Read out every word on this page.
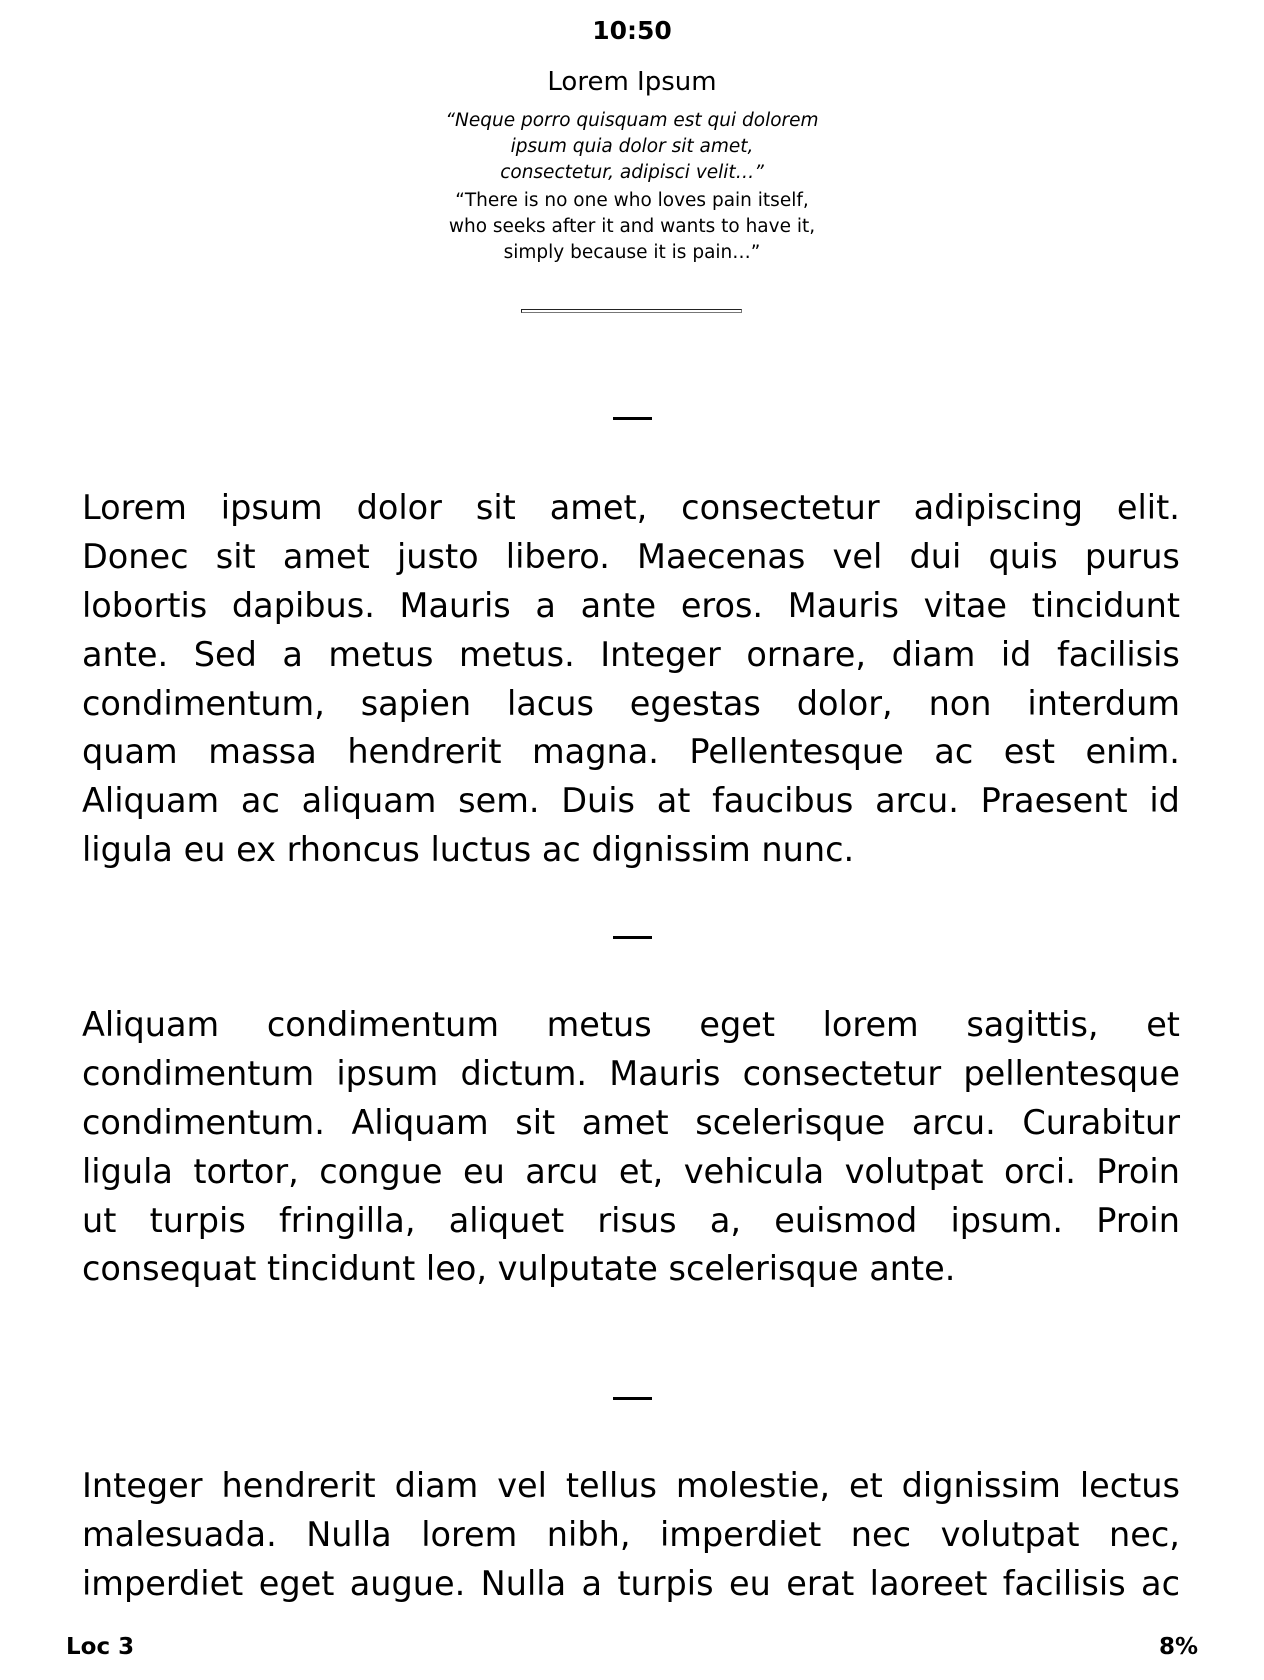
10:50
Lorem Ipsum
“Neque porro quisquam est qui dolorem
ipsum quia dolor sit amet,
consectetur, adipisci velit…”
“There is no one who loves pain itself,
who seeks after it and wants to have it,
simply because it is pain…”
Lorem ipsum dolor sit amet, consectetur adipiscing elit.
Donec sit amet justo libero. Maecenas vel dui quis purus
lobortis dapibus. Mauris a ante eros. Mauris vitae tincidunt
ante. Sed a metus metus. Integer ornare, diam id facilisis
condimentum, sapien lacus egestas dolor, non interdum
quam massa hendrerit magna. Pellentesque ac est enim.
Aliquam ac aliquam sem. Duis at faucibus arcu. Praesent id
ligula eu ex rhoncus luctus ac dignissim nunc.
Aliquam condimentum metus eget lorem sagittis, et
condimentum ipsum dictum. Mauris consectetur pellentesque
condimentum. Aliquam sit amet scelerisque arcu. Curabitur
ligula tortor, congue eu arcu et, vehicula volutpat orci. Proin
ut turpis fringilla, aliquet risus a, euismod ipsum. Proin
consequat tincidunt leo, vulputate scelerisque ante.
Integer hendrerit diam vel tellus molestie, et dignissim lectus
malesuada. Nulla lorem nibh, imperdiet nec volutpat nec,
imperdiet eget augue. Nulla a turpis eu erat laoreet facilisis ac
Loc 3	8%
